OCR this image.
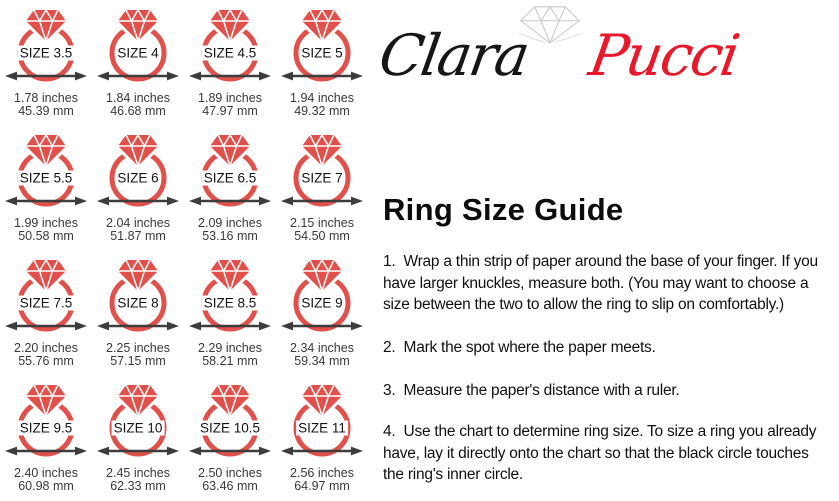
SIZE 3.5
1.78 inches
45.39 mm
SIZE 4
1.84 inches
46.68 mm
SIZE 4.5
1.89 inches
47.97 mm
SIZE 5
1.94 inches
49.32 mm
SIZE 5.5
1.99 inches
50.58 mm
SIZE 6
2.04 inches
51.87 mm
SIZE 6.5
2.09 inches
53.16 mm
SIZE 7
2.15 inches
54.50 mm
SIZE 7.5
2.20 inches
55.76 mm
SIZE 8
2.25 inches
57.15 mm
SIZE 8.5
2.29 inches
58.21 mm
SIZE 9
2.34 inches
59.34 mm
SIZE 9.5
2.40 inches
60.98 mm
SIZE 10
2.45 inches
62.33 mm
SIZE 10.5
2.50 inches
63.46 mm
SIZE 11
2.56 inches
64.97 mm
Clara Pucci
Ring Size Guide

1.  Wrap a thin strip of paper around the base of your finger. If you
have larger knuckles, measure both. (You may want to choose a
size between the two to allow the ring to slip on comfortably.)

2.  Mark the spot where the paper meets.

3.  Measure the paper's distance with a ruler.

4.  Use the chart to determine ring size. To size a ring you already
have, lay it directly onto the chart so that the black circle touches
the ring's inner circle.
